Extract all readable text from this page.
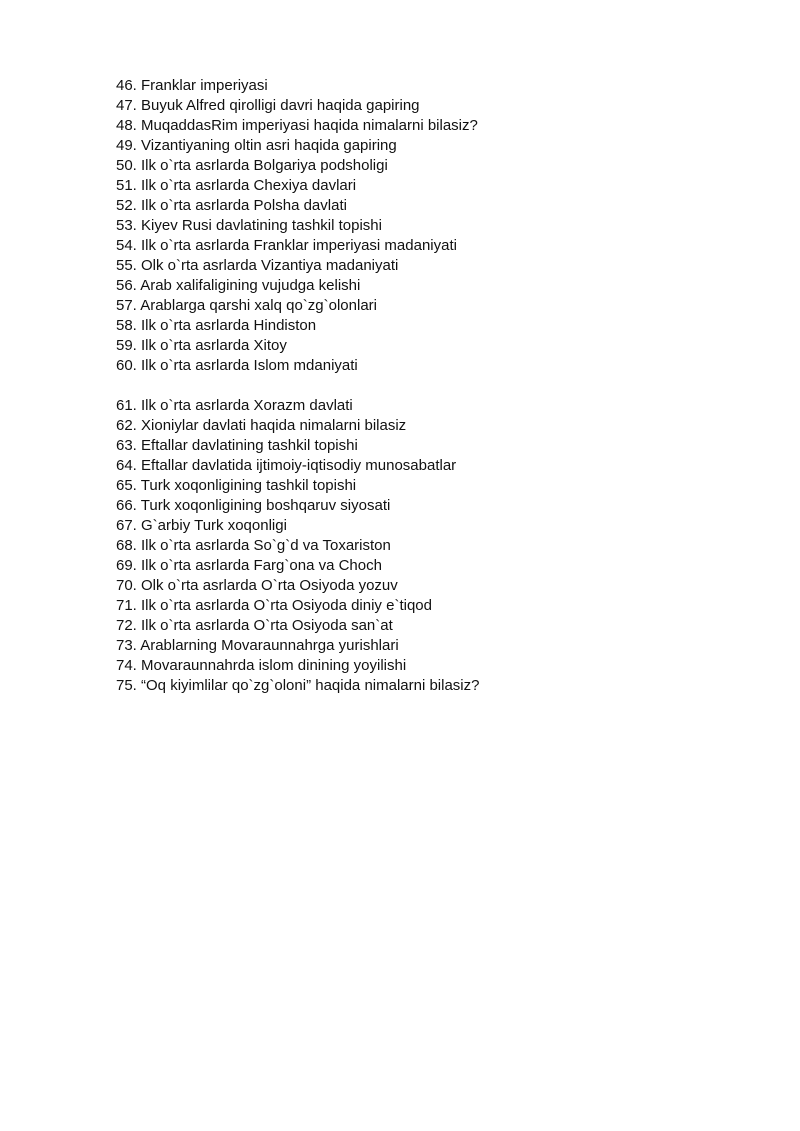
46. Franklar imperiyasi
47. Buyuk Alfred qirolligi davri haqida gapiring
48. MuqaddasRim imperiyasi haqida nimalarni bilasiz?
49. Vizantiyaning oltin asri haqida gapiring
50. Ilk o`rta asrlarda Bolgariya podsholigi
51. Ilk o`rta asrlarda Chexiya davlari
52. Ilk o`rta asrlarda Polsha davlati
53. Kiyev Rusi davlatining tashkil topishi
54. Ilk o`rta asrlarda Franklar imperiyasi madaniyati
55. Olk o`rta asrlarda Vizantiya madaniyati
56. Arab xalifaligining vujudga kelishi
57. Arablarga qarshi xalq qo`zg`olonlari
58. Ilk o`rta asrlarda Hindiston
59. Ilk o`rta asrlarda Xitoy
60. Ilk o`rta asrlarda Islom mdaniyati
61. Ilk o`rta asrlarda Xorazm davlati
62. Xioniylar davlati haqida nimalarni bilasiz
63. Eftallar davlatining tashkil topishi
64. Eftallar davlatida ijtimoiy-iqtisodiy munosabatlar
65. Turk xoqonligining tashkil topishi
66. Turk xoqonligining boshqaruv siyosati
67. G`arbiy Turk xoqonligi
68. Ilk o`rta asrlarda So`g`d va Toxariston
69. Ilk o`rta asrlarda Farg`ona va Choch
70. Olk o`rta asrlarda O`rta Osiyoda yozuv
71. Ilk o`rta asrlarda O`rta Osiyoda diniy e`tiqod
72. Ilk o`rta asrlarda O`rta Osiyoda san`at
73. Arablarning Movaraunnahrga yurishlari
74. Movaraunnahrda islom dinining yoyilishi
75. “Oq kiyimlilar qo`zg`oloni” haqida nimalarni bilasiz?
